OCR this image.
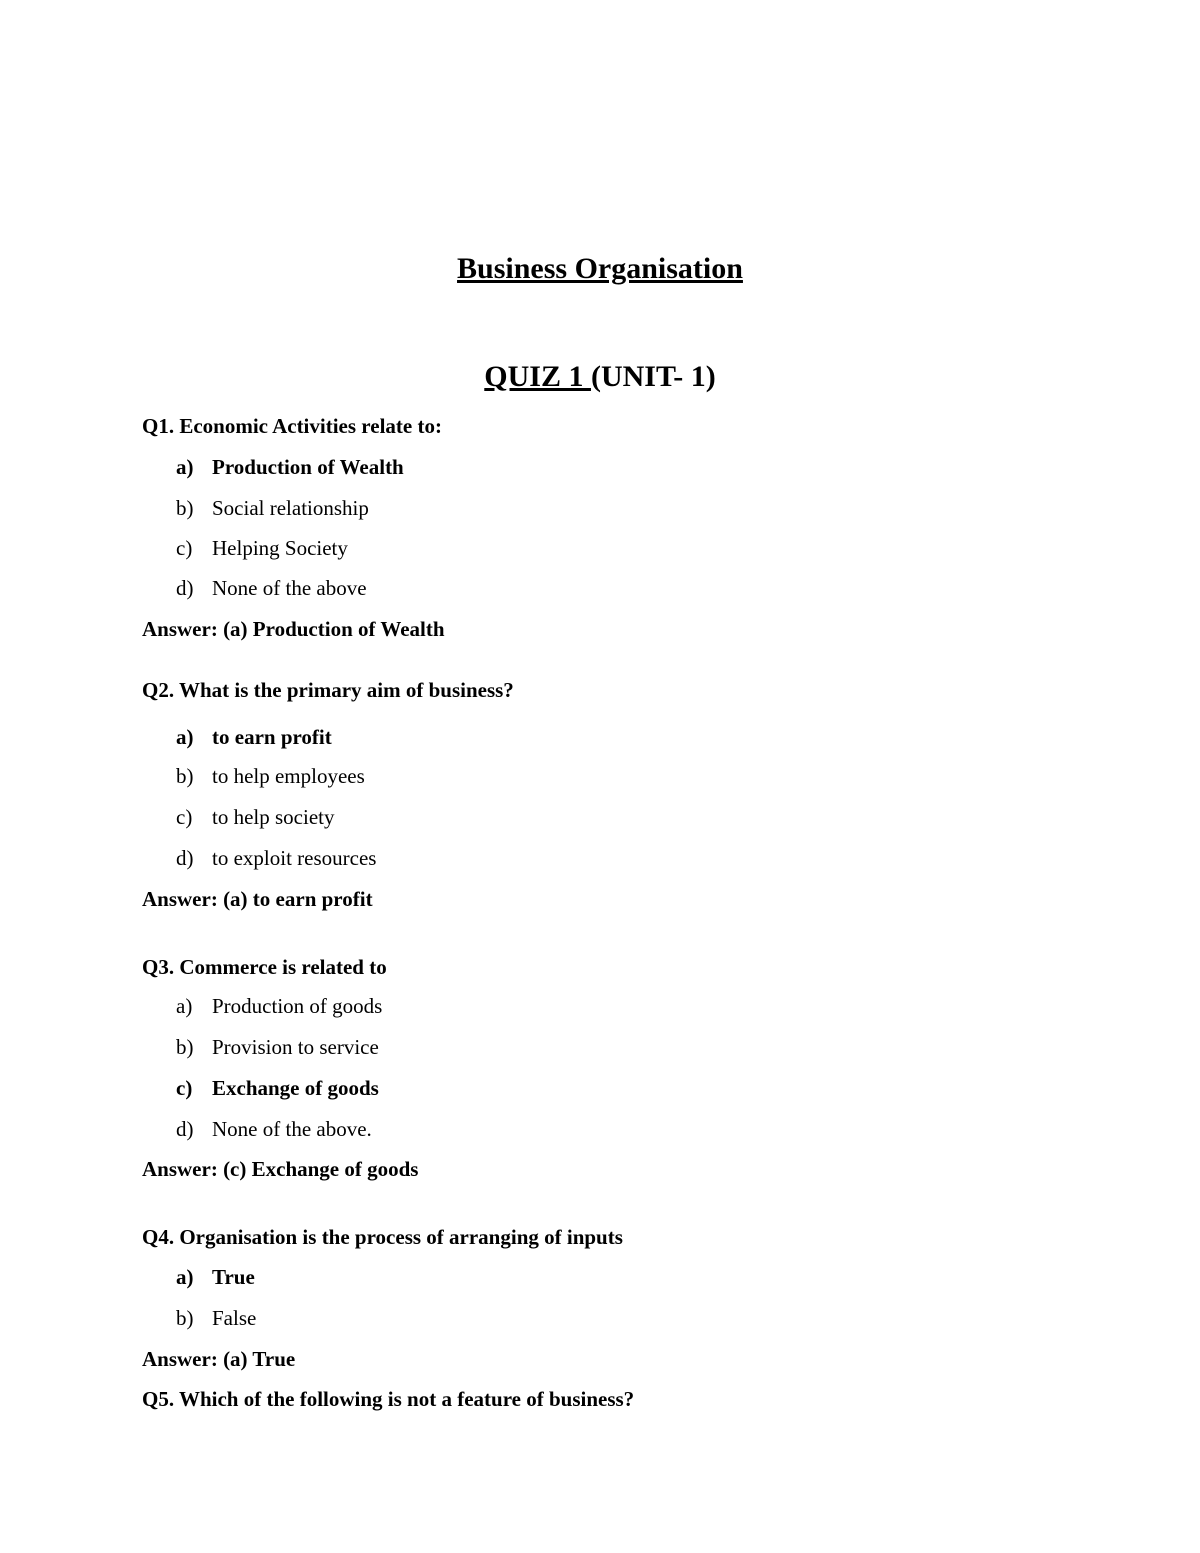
Business Organisation
QUIZ 1 (UNIT- 1)
Q1. Economic Activities relate to:
a) Production of Wealth
b) Social relationship
c) Helping Society
d) None of the above
Answer: (a) Production of Wealth
Q2. What is the primary aim of business?
a) to earn profit
b) to help employees
c) to help society
d) to exploit resources
Answer: (a) to earn profit
Q3. Commerce is related to
a) Production of goods
b) Provision to service
c) Exchange of goods
d) None of the above.
Answer: (c) Exchange of goods
Q4. Organisation is the process of arranging of inputs
a) True
b) False
Answer: (a) True
Q5. Which of the following is not a feature of business?
